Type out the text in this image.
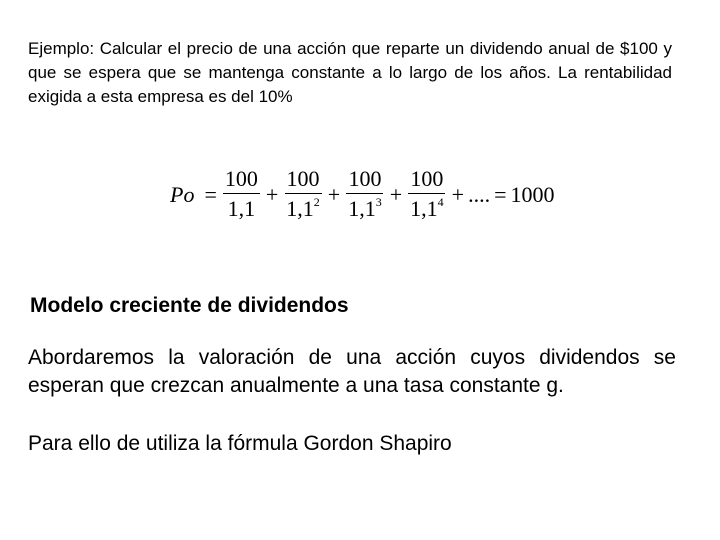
Ejemplo: Calcular el precio de una acción que reparte un dividendo anual de $100 y que se espera que se mantenga constante a lo largo de los años. La rentabilidad exigida a esta empresa es del 10%

$Po = \frac{100}{1,1} + \frac{100}{1,1^2} + \frac{100}{1,1^3} + \frac{100}{1,1^4}$ + .... = 1000
Modelo creciente de dividendos

Abordaremos la valoración de una acción cuyos dividendos se esperan que crezcan anualmente a una tasa constante g.

Para ello de utiliza la fórmula Gordon Shapiro
